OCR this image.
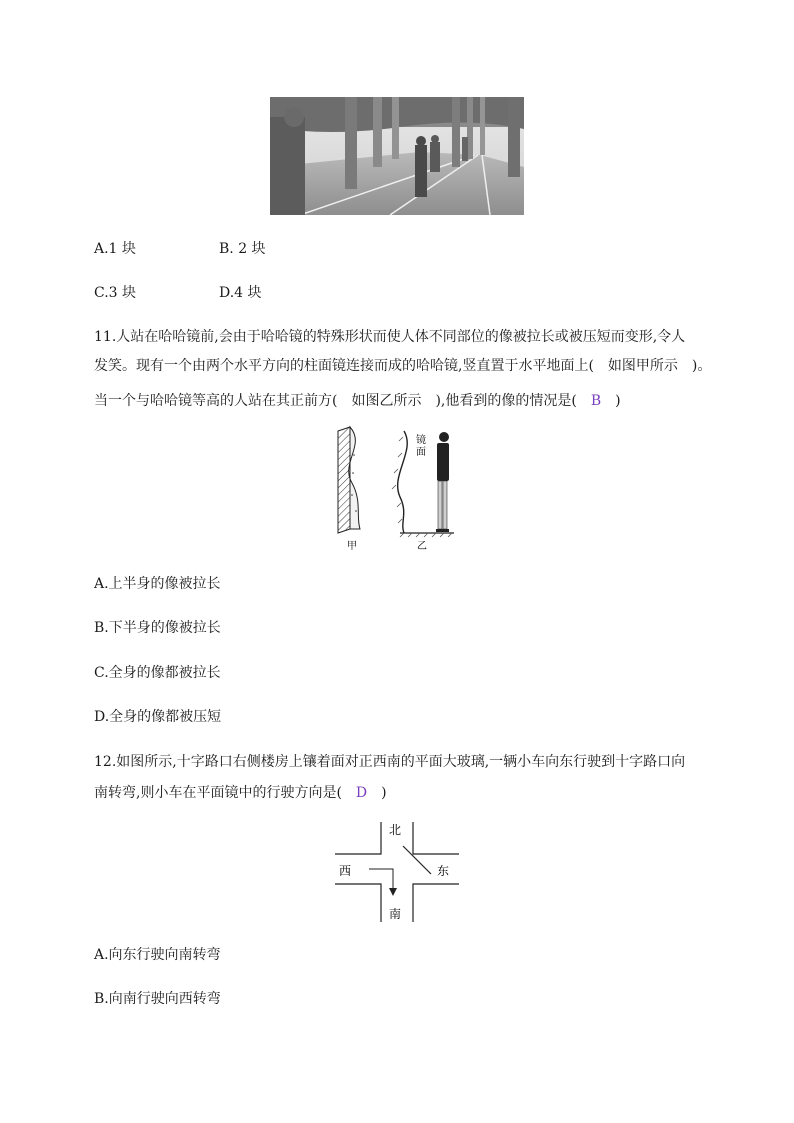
A.1 块	B. 2 块
C.3 块	D.4 块
11.人站在哈哈镜前,会由于哈哈镜的特殊形状而使人体不同部位的像被拉长或被压短而变形,令人
发笑。现有一个由两个水平方向的柱面镜连接而成的哈哈镜,竖直置于水平地面上(　如图甲所示　)。
当一个与哈哈镜等高的人站在其正前方(　如图乙所示　),他看到的像的情况是(　B　)
镜
面
甲	乙
A.上半身的像被拉长
B.下半身的像被拉长
C.全身的像都被拉长
D.全身的像都被压短
12.如图所示,十字路口右侧楼房上镶着面对正西南的平面大玻璃,一辆小车向东行驶到十字路口向
南转弯,则小车在平面镜中的行驶方向是(　D　)
北
西	东
南
A.向东行驶向南转弯
B.向南行驶向西转弯
